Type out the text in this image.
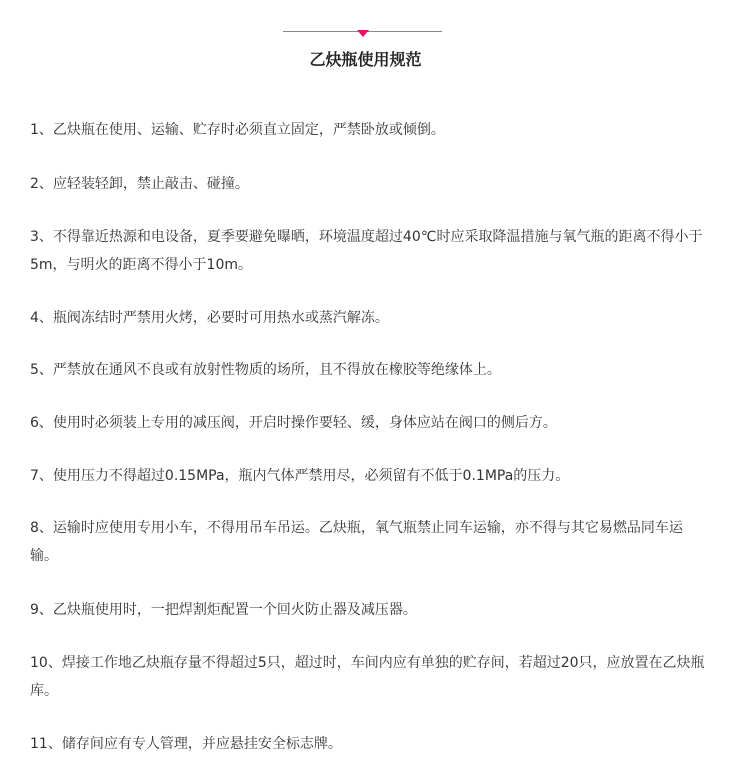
乙炔瓶使用规范
1、乙炔瓶在使用、运输、贮存时必须直立固定，严禁卧放或倾倒。
2、应轻装轻卸，禁止敲击、碰撞。
3、不得靠近热源和电设备，夏季要避免曝晒，环境温度超过40℃时应采取降温措施与氧气瓶的距离不得小于5m，与明火的距离不得小于10m。
4、瓶阀冻结时严禁用火烤，必要时可用热水或蒸汽解冻。
5、严禁放在通风不良或有放射性物质的场所，且不得放在橡胶等绝缘体上。
6、使用时必须装上专用的减压阀，开启时操作要轻、缓，身体应站在阀口的侧后方。
7、使用压力不得超过0.15MPa，瓶内气体严禁用尽，必须留有不低于0.1MPa的压力。
8、运输时应使用专用小车，不得用吊车吊运。乙炔瓶，氧气瓶禁止同车运输，亦不得与其它易燃品同车运输。
9、乙炔瓶使用时，一把焊割炬配置一个回火防止器及减压器。
10、焊接工作地乙炔瓶存量不得超过5只，超过时，车间内应有单独的贮存间，若超过20只，应放置在乙炔瓶库。
11、储存间应有专人管理，并应悬挂安全标志牌。
